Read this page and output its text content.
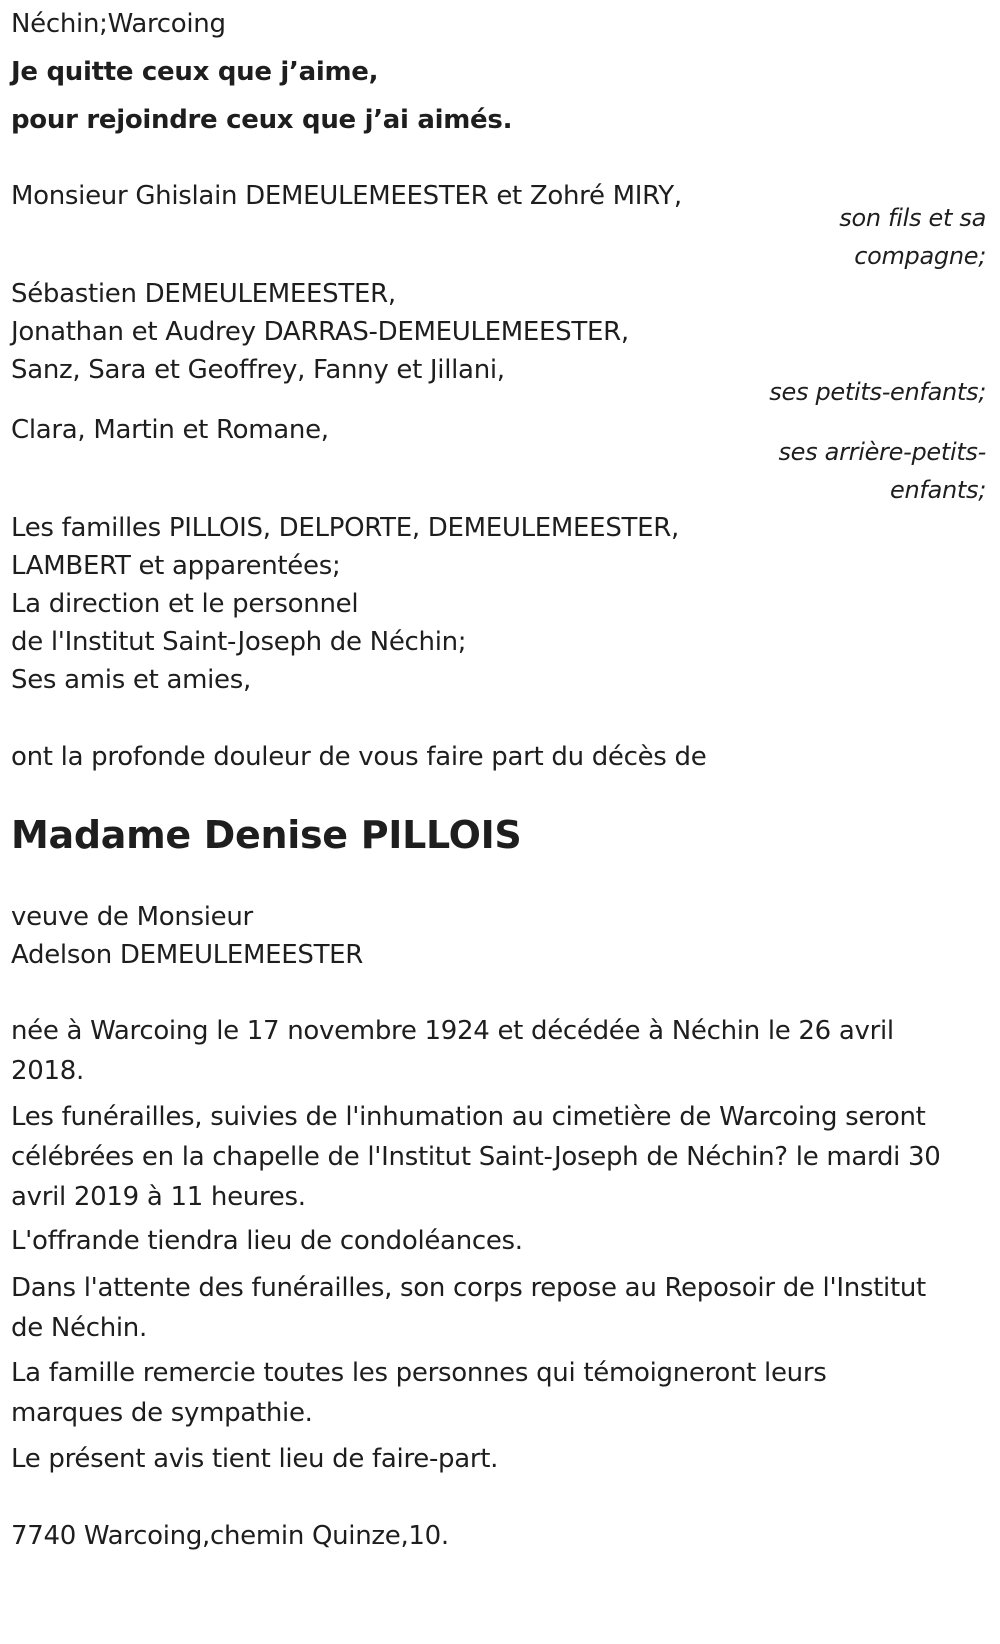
Néchin;Warcoing
Je quitte ceux que j’aime,
pour rejoindre ceux que j’ai aimés.
Monsieur Ghislain DEMEULEMEESTER et Zohré MIRY,
son fils et sa
compagne;
Sébastien DEMEULEMEESTER,
Jonathan et Audrey DARRAS-DEMEULEMEESTER,
Sanz, Sara et Geoffrey, Fanny et Jillani,
ses petits-enfants;
Clara, Martin et Romane,
ses arrière-petits-
enfants;
Les familles PILLOIS, DELPORTE, DEMEULEMEESTER,
LAMBERT et apparentées;
La direction et le personnel
de l'Institut Saint-Joseph de Néchin;
Ses amis et amies,
ont la profonde douleur de vous faire part du décès de
Madame Denise PILLOIS
veuve de Monsieur
Adelson DEMEULEMEESTER
née à Warcoing le 17 novembre 1924 et décédée à Néchin le 26 avril 2018.
Les funérailles, suivies de l'inhumation au cimetière de Warcoing seront célébrées en la chapelle de l'Institut Saint-Joseph de Néchin? le mardi 30 avril 2019 à 11 heures.
L'offrande tiendra lieu de condoléances.
Dans l'attente des funérailles, son corps repose au Reposoir de l'Institut de Néchin.
La famille remercie toutes les personnes qui témoigneront leurs marques de sympathie.
Le présent avis tient lieu de faire-part.
7740 Warcoing,chemin Quinze,10.
